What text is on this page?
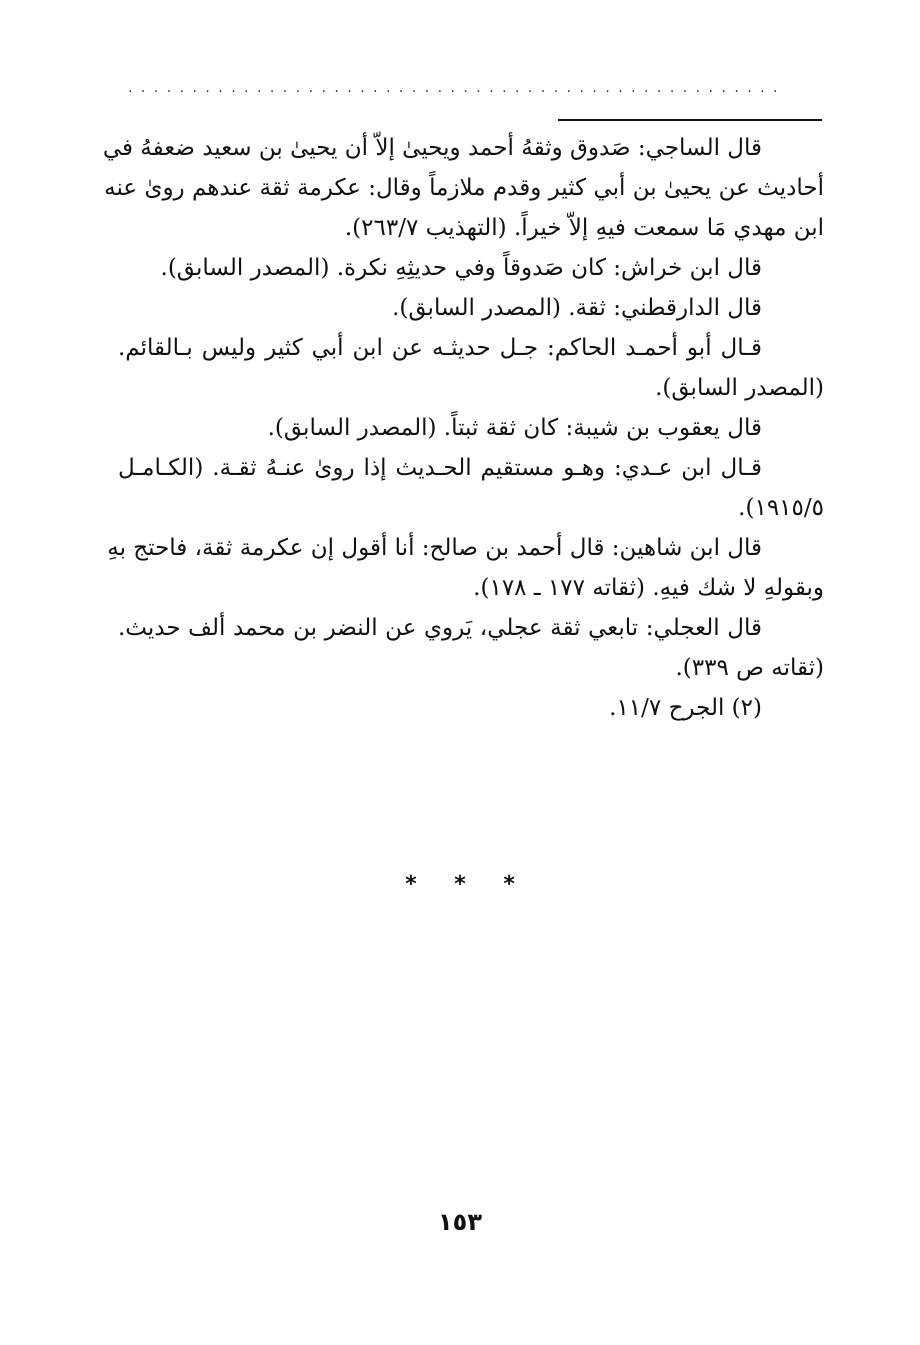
. . . . . . . . . . . . . . . . . . . . . . . . . . . . . . . . . . . . . . . . . . . . . . . . . . .
قال الساجي: صَدوق وثقهُ أحمد ويحيىٰ إلاّ أن يحيىٰ بن سعيد ضعفهُ في
أحاديث عن يحيىٰ بن أبي كثير وقدم ملازماً وقال: عكرمة ثقة عندهم روىٰ عنه
ابن مهدي مَا سمعت فيهِ إلاّ خيراً. (التهذيب ٢٦٣/٧).
قال ابن خراش: كان صَدوقاً وفي حديثِهِ نكرة. (المصدر السابق).
قال الدارقطني: ثقة. (المصدر السابق).
قـال أبو أحمـد الحاكم: جـل حديثـه عن ابن أبي كثير وليس بـالقائم.
(المصدر السابق).
قال يعقوب بن شيبة: كان ثقة ثبتاً. (المصدر السابق).
قـال ابن عـدي: وهـو مستقيم الحـديث إذا روىٰ عنـهُ ثقـة. (الكـامـل
١٩١٥/٥).
قال ابن شاهين: قال أحمد بن صالح: أنا أقول إن عكرمة ثقة، فاحتج بهِ
وبقولهِ لا شك فيهِ. (ثقاته ١٧٧ ـ ١٧٨).
قال العجلي: تابعي ثقة عجلي، يَروي عن النضر بن محمد ألف حديث.
(ثقاته ص ٣٣٩).
(٢) الجرح ١١/٧.
* * *
١٥٣
